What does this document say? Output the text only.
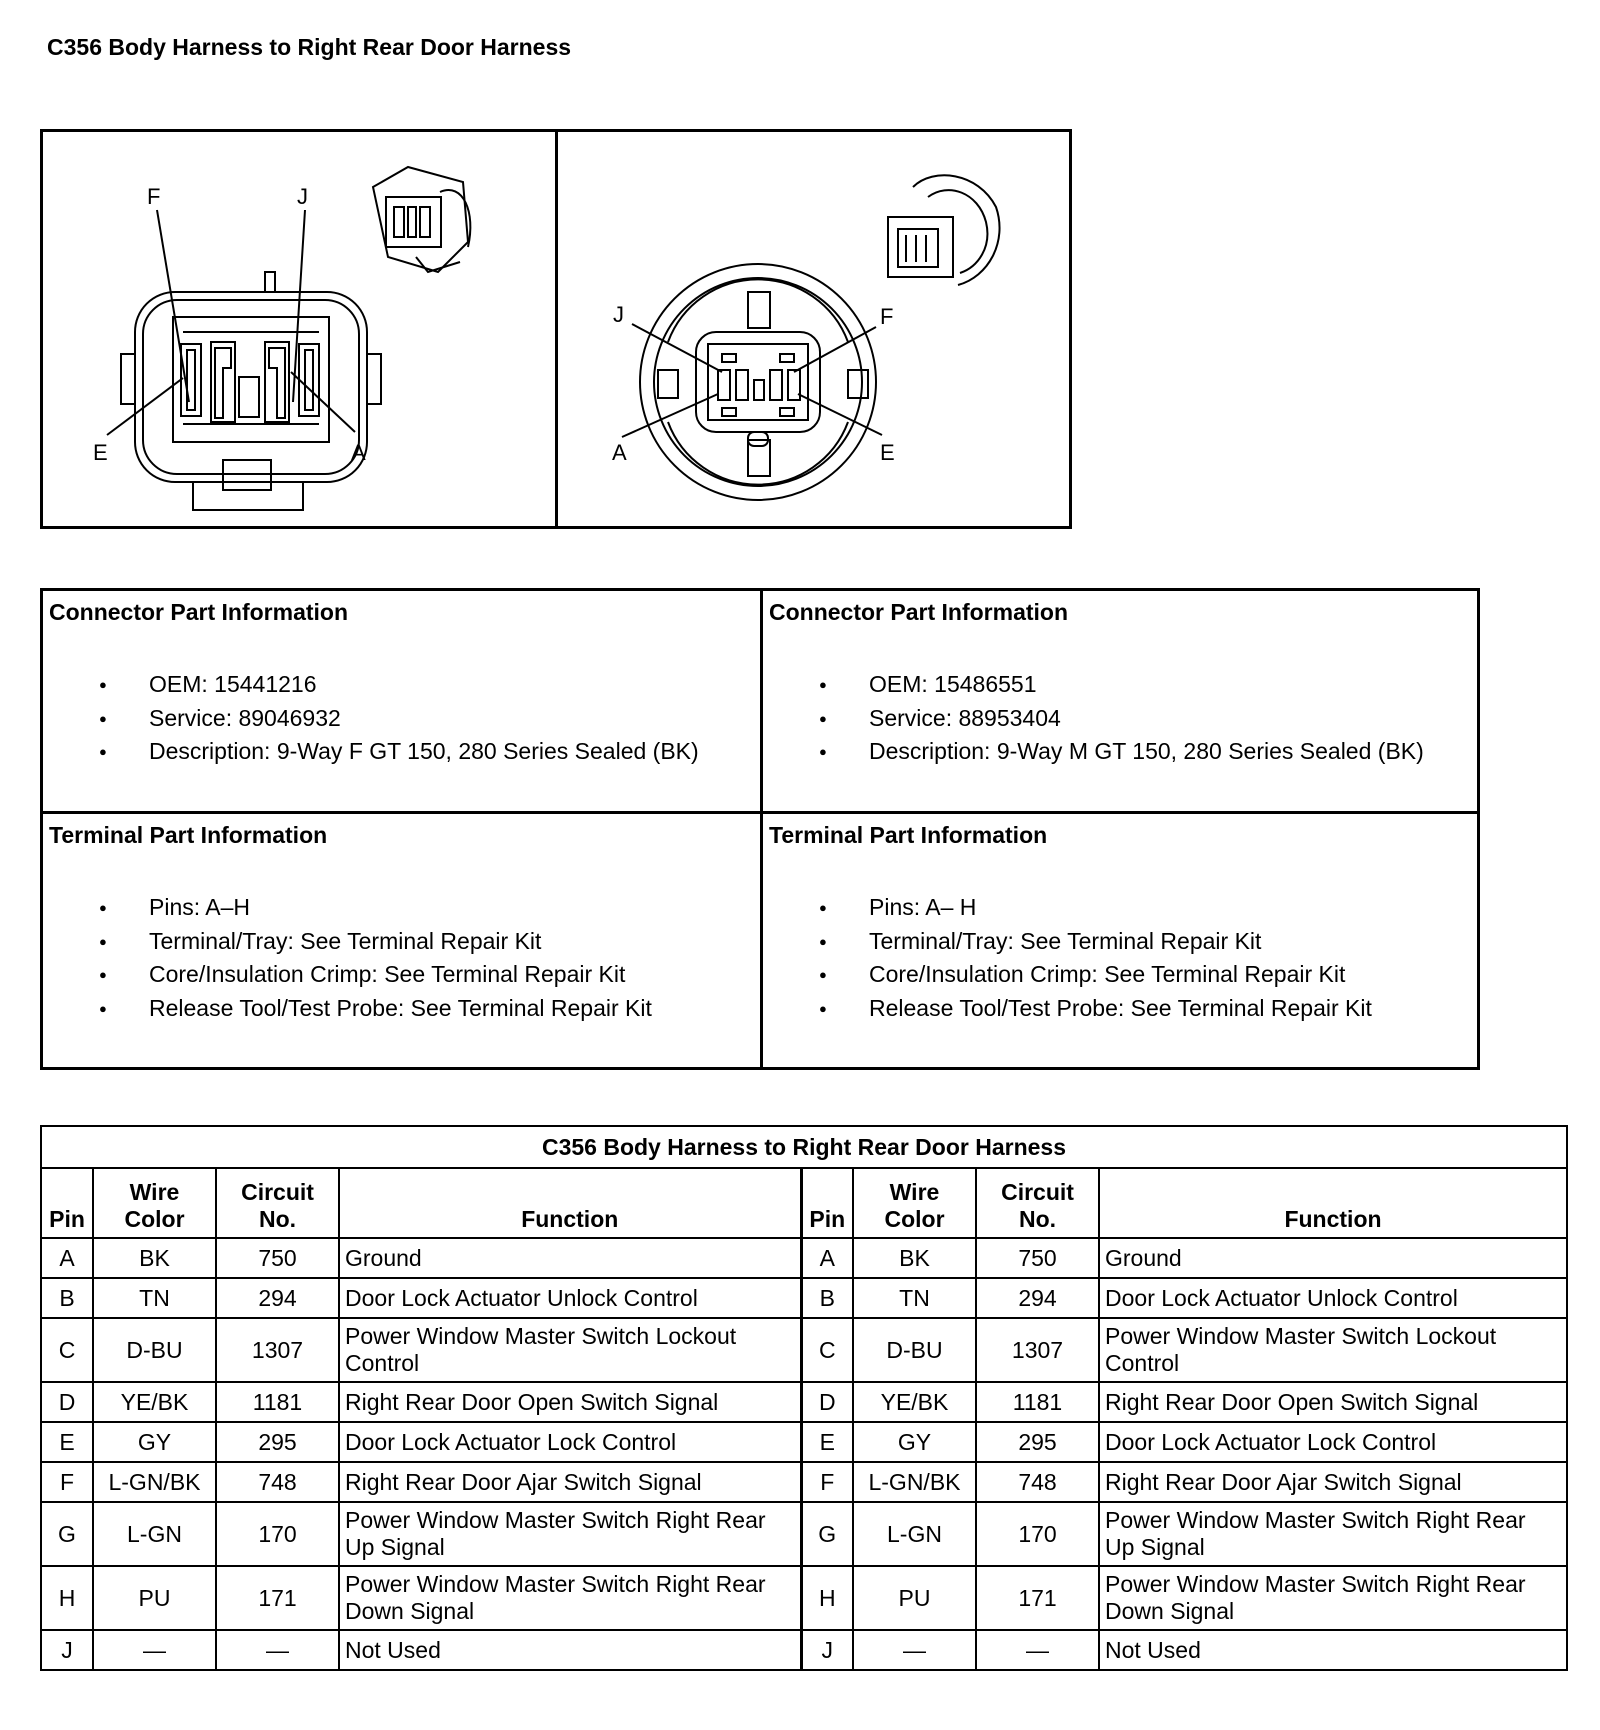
C356 Body Harness to Right Rear Door Harness
F	J
E	A
J	F
A	E
Connector Part Information
● OEM: 15441216
● Service: 89046932
● Description: 9-Way F GT 150, 280 Series Sealed (BK)
Connector Part Information
● OEM: 15486551
● Service: 88953404
● Description: 9-Way M GT 150, 280 Series Sealed (BK)
Terminal Part Information
● Pins: A–H
● Terminal/Tray: See Terminal Repair Kit
● Core/Insulation Crimp: See Terminal Repair Kit
● Release Tool/Test Probe: See Terminal Repair Kit
Terminal Part Information
● Pins: A– H
● Terminal/Tray: See Terminal Repair Kit
● Core/Insulation Crimp: See Terminal Repair Kit
● Release Tool/Test Probe: See Terminal Repair Kit
C356 Body Harness to Right Rear Door Harness							
Pin	Wire Color	Circuit No.	Function	Pin	Wire Color	Circuit No.	Function
A	BK	750	Ground	A	BK	750	Ground
B	TN	294	Door Lock Actuator Unlock Control	B	TN	294	Door Lock Actuator Unlock Control
C	D-BU	1307	Power Window Master Switch Lockout Control	C	D-BU	1307	Power Window Master Switch Lockout Control
D	YE/BK	1181	Right Rear Door Open Switch Signal	D	YE/BK	1181	Right Rear Door Open Switch Signal
E	GY	295	Door Lock Actuator Lock Control	E	GY	295	Door Lock Actuator Lock Control
F	L-GN/BK	748	Right Rear Door Ajar Switch Signal	F	L-GN/BK	748	Right Rear Door Ajar Switch Signal
G	L-GN	170	Power Window Master Switch Right Rear Up Signal	G	L-GN	170	Power Window Master Switch Right Rear Up Signal
H	PU	171	Power Window Master Switch Right Rear Down Signal	H	PU	171	Power Window Master Switch Right Rear Down Signal
J	—	—	Not Used	J	—	—	Not Used
